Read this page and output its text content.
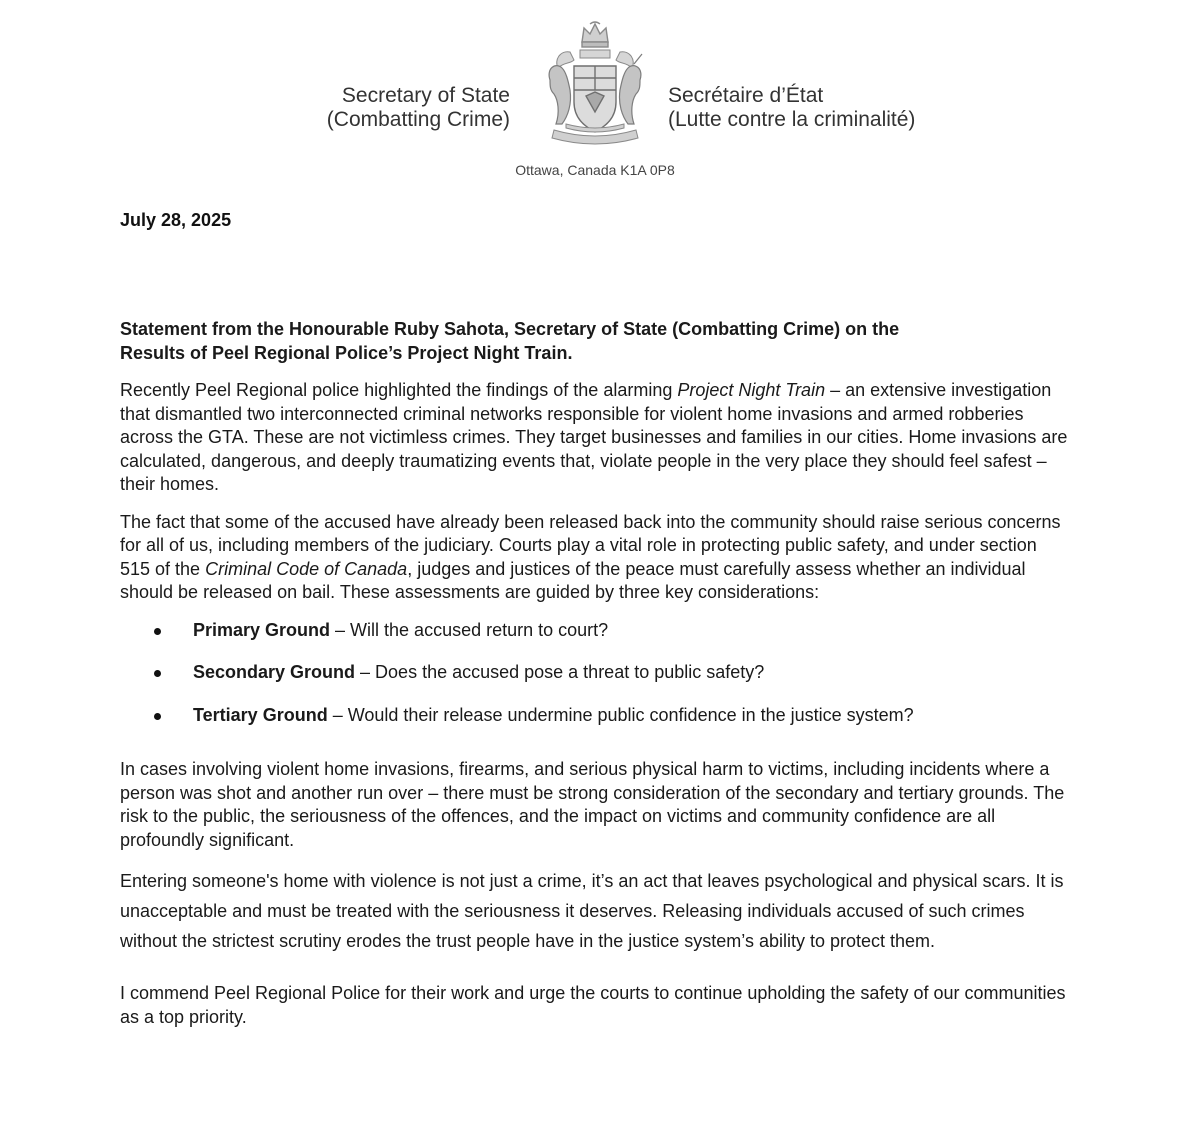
Secretary of State
(Combatting Crime)
Secrétaire d’État
(Lutte contre la criminalité)
Ottawa, Canada K1A 0P8
July 28, 2025
Statement from the Honourable Ruby Sahota, Secretary of State (Combatting Crime) on the
Results of Peel Regional Police’s Project Night Train.

Recently Peel Regional police highlighted the findings of the alarming Project Night Train – an extensive investigation that dismantled two interconnected criminal networks responsible for violent home invasions and armed robberies across the GTA. These are not victimless crimes. They target businesses and families in our cities. Home invasions are calculated, dangerous, and deeply traumatizing events that, violate people in the very place they should feel safest – their homes.

The fact that some of the accused have already been released back into the community should raise serious concerns for all of us, including members of the judiciary. Courts play a vital role in protecting public safety, and under section 515 of the Criminal Code of Canada, judges and justices of the peace must carefully assess whether an individual should be released on bail. These assessments are guided by three key considerations:

Primary Ground – Will the accused return to court?
Secondary Ground – Does the accused pose a threat to public safety?
Tertiary Ground – Would their release undermine public confidence in the justice system?

In cases involving violent home invasions, firearms, and serious physical harm to victims, including incidents where a person was shot and another run over – there must be strong consideration of the secondary and tertiary grounds. The risk to the public, the seriousness of the offences, and the impact on victims and community confidence are all profoundly significant.

Entering someone's home with violence is not just a crime, it’s an act that leaves psychological and physical scars. It is unacceptable and must be treated with the seriousness it deserves. Releasing individuals accused of such crimes without the strictest scrutiny erodes the trust people have in the justice system’s ability to protect them.

I commend Peel Regional Police for their work and urge the courts to continue upholding the safety of our communities as a top priority.
